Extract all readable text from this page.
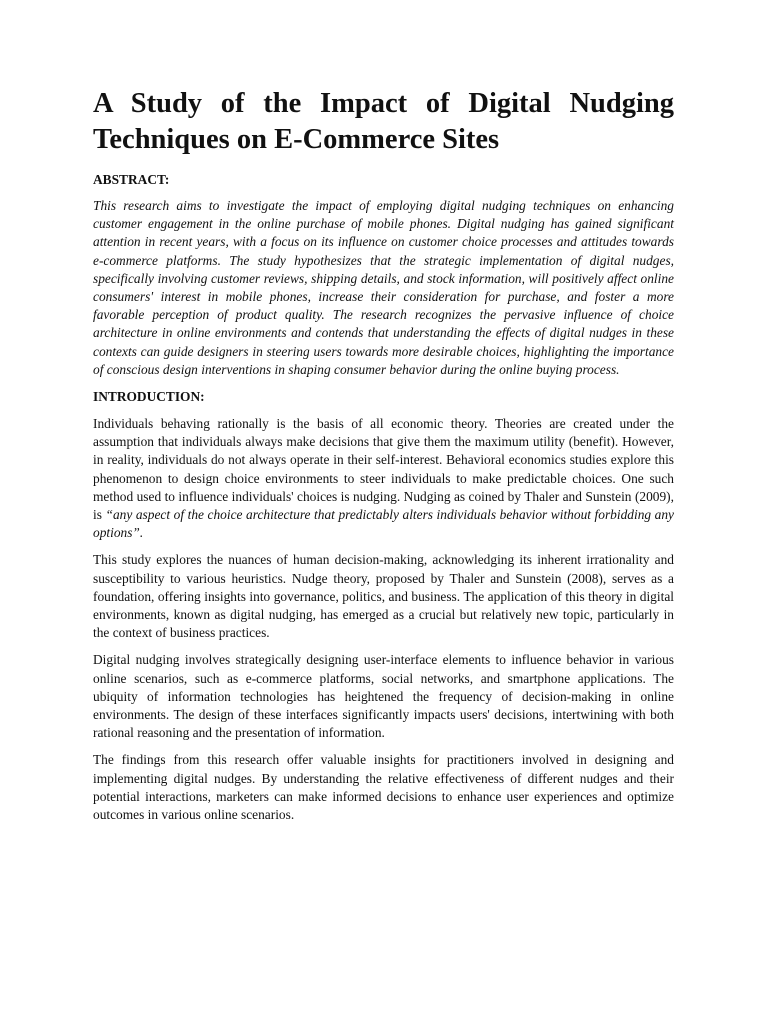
A Study of the Impact of Digital Nudging Techniques on E-Commerce Sites
ABSTRACT:

This research aims to investigate the impact of employing digital nudging techniques on enhancing customer engagement in the online purchase of mobile phones. Digital nudging has gained significant attention in recent years, with a focus on its influence on customer choice processes and attitudes towards e-commerce platforms. The study hypothesizes that the strategic implementation of digital nudges, specifically involving customer reviews, shipping details, and stock information, will positively affect online consumers' interest in mobile phones, increase their consideration for purchase, and foster a more favorable perception of product quality. The research recognizes the pervasive influence of choice architecture in online environments and contends that understanding the effects of digital nudges in these contexts can guide designers in steering users towards more desirable choices, highlighting the importance of conscious design interventions in shaping consumer behavior during the online buying process.

INTRODUCTION:

Individuals behaving rationally is the basis of all economic theory. Theories are created under the assumption that individuals always make decisions that give them the maximum utility (benefit). However, in reality, individuals do not always operate in their self-interest. Behavioral economics studies explore this phenomenon to design choice environments to steer individuals to make predictable choices. One such method used to influence individuals' choices is nudging. Nudging as coined by Thaler and Sunstein (2009), is “any aspect of the choice architecture that predictably alters individuals behavior without forbidding any options”.

This study explores the nuances of human decision-making, acknowledging its inherent irrationality and susceptibility to various heuristics. Nudge theory, proposed by Thaler and Sunstein (2008), serves as a foundation, offering insights into governance, politics, and business. The application of this theory in digital environments, known as digital nudging, has emerged as a crucial but relatively new topic, particularly in the context of business practices.

Digital nudging involves strategically designing user-interface elements to influence behavior in various online scenarios, such as e-commerce platforms, social networks, and smartphone applications. The ubiquity of information technologies has heightened the frequency of decision-making in online environments. The design of these interfaces significantly impacts users' decisions, intertwining with both rational reasoning and the presentation of information.

The findings from this research offer valuable insights for practitioners involved in designing and implementing digital nudges. By understanding the relative effectiveness of different nudges and their potential interactions, marketers can make informed decisions to enhance user experiences and optimize outcomes in various online scenarios.
